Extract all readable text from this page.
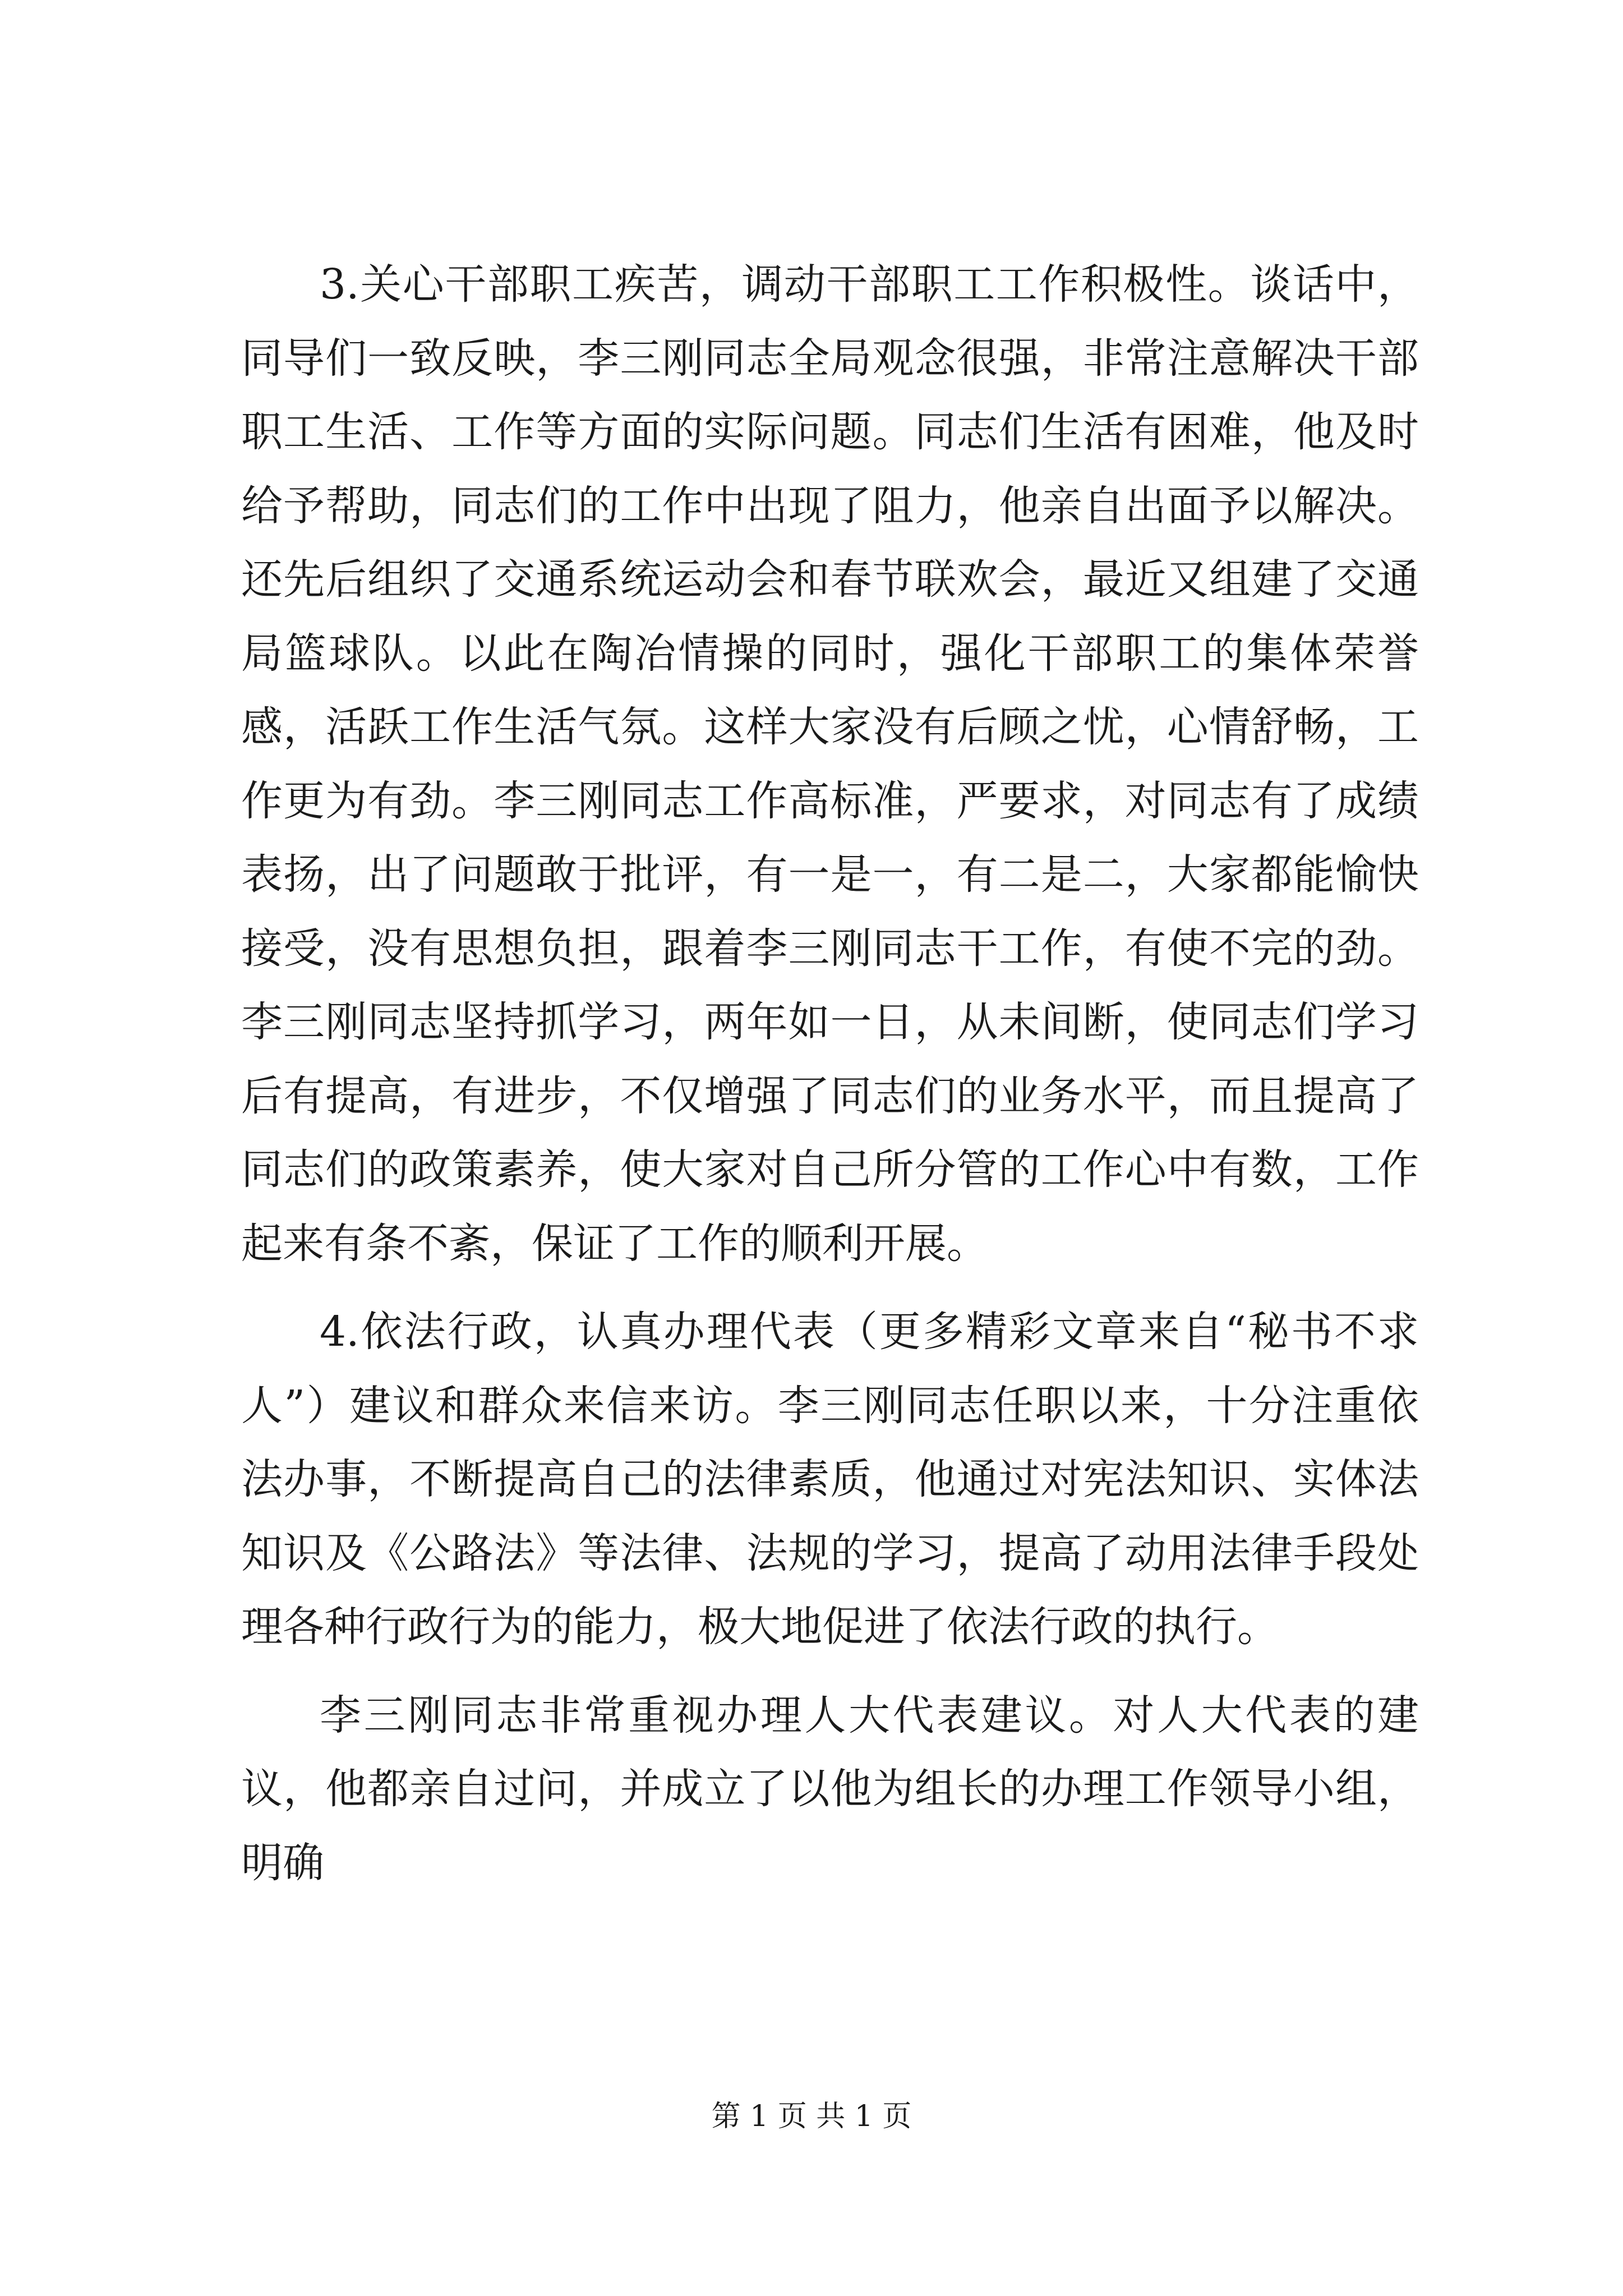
3.关心干部职工疾苦，调动干部职工工作积极性。谈话中，同导们一致反映，李三刚同志全局观念很强，非常注意解决干部职工生活、工作等方面的实际问题。同志们生活有困难，他及时给予帮助，同志们的工作中出现了阻力，他亲自出面予以解决。还先后组织了交通系统运动会和春节联欢会，最近又组建了交通局篮球队。以此在陶冶情操的同时，强化干部职工的集体荣誉感，活跃工作生活气氛。这样大家没有后顾之忧，心情舒畅，工作更为有劲。李三刚同志工作高标准，严要求，对同志有了成绩表扬，出了问题敢于批评，有一是一，有二是二，大家都能愉快接受，没有思想负担，跟着李三刚同志干工作，有使不完的劲。李三刚同志坚持抓学习，两年如一日，从未间断，使同志们学习后有提高，有进步，不仅增强了同志们的业务水平，而且提高了同志们的政策素养，使大家对自己所分管的工作心中有数，工作起来有条不紊，保证了工作的顺利开展。

4.依法行政，认真办理代表（更多精彩文章来自“秘书不求人”）建议和群众来信来访。李三刚同志任职以来，十分注重依法办事，不断提高自己的法律素质，他通过对宪法知识、实体法知识及《公路法》等法律、法规的学习，提高了动用法律手段处理各种行政行为的能力，极大地促进了依法行政的执行。

李三刚同志非常重视办理人大代表建议。对人大代表的建议，他都亲自过问，并成立了以他为组长的办理工作领导小组，明确

第 1 页 共 1 页
